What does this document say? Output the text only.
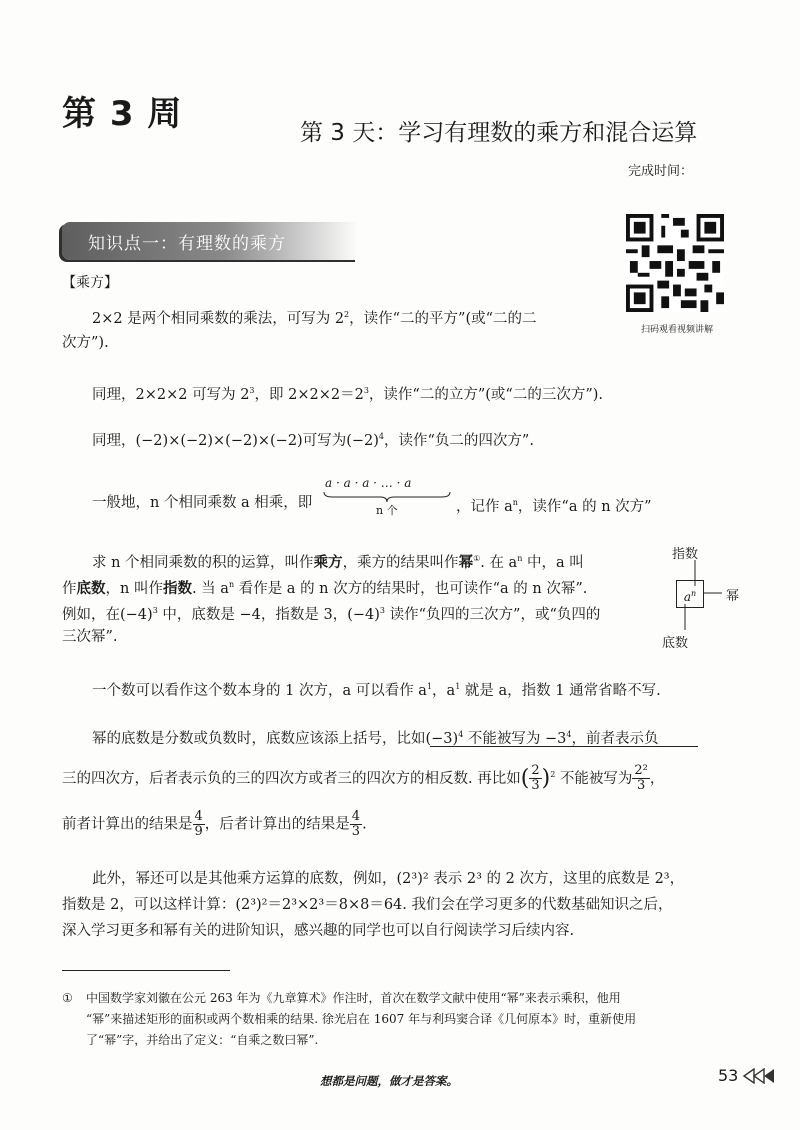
第 3 周	第 3 天：学习有理数的乘方和混合运算
完成时间：
知识点一：有理数的乘方
扫码观看视频讲解
【乘方】
2×2 是两个相同乘数的乘法，可写为 $2^2$，读作“二的平方”(或“二的二
次方”).
同理，2×2×2 可写为 $2^3$，即 $2\times 2\times 2=2^3$，读作“二的立方”(或“二的三次方”).
同理，(−2)×(−2)×(−2)×(−2)可写为$(-2)^4$，读作“负二的四次方”.
一般地，n 个相同乘数 a 相乘，即
a · a · a · … · a
n 个	，记作 $a^n$，读作“a 的 n 次方”
求 n 个相同乘数的积的运算，叫作乘方，乘方的结果叫作幂①. 在 $a^n$ 中，a 叫
作底数，n 叫作指数. 当 $a^n$ 看作是 a 的 n 次方的结果时，也可读作“a 的 n 次幂”.
例如，在$(-4)^3$ 中，底数是 −4，指数是 3，$(-4)^3$ 读作“负四的三次方”，或“负四的
三次幂”.
指数
$a^n$	幂
底数
一个数可以看作这个数本身的 1 次方，a 可以看作 $a^1$，$a^1$ 就是 a，指数 1 通常省略不写.
幂的底数是分数或负数时，底数应该添上括号，比如$(-3)^4$ 不能被写为 $-3^4$，前者表示负
三的四次方，后者表示负的三的四次方或者三的四次方的相反数. 再比如( $\frac{2}{3} )^2$ 不能被写为 $\frac{\text{2²}}{3}$ ，
前者计算出的结果是 $\frac{4}{9}$ ，后者计算出的结果是 $\frac{4}{3}$ .
此外，幂还可以是其他乘方运算的底数，例如，(2³)² 表示 2³ 的 2 次方，这里的底数是 2³，
指数是 2，可以这样计算：(2³)²＝2³×2³＝8×8＝64. 我们会在学习更多的代数基础知识之后，
深入学习更多和幂有关的进阶知识，感兴趣的同学也可以自行阅读学习后续内容.
① 中国数学家刘徽在公元 263 年为《九章算术》作注时，首次在数学文献中使用“幂”来表示乘积，他用
“幂”来描述矩形的面积或两个数相乘的结果. 徐光启在 1607 年与利玛窦合译《几何原本》时，重新使用
了“幂”字，并给出了定义：“自乘之数曰幂”.
想都是问题，做才是答案。	53
